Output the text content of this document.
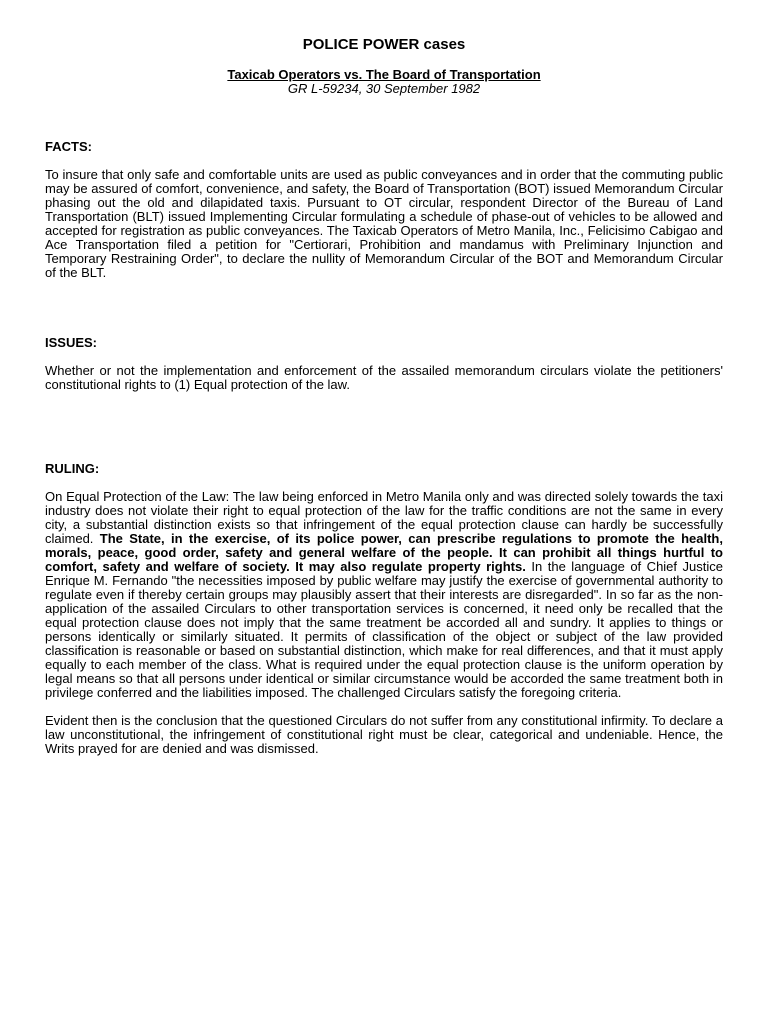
POLICE POWER cases

Taxicab Operators vs. The Board of Transportation

GR L-59234, 30 September 1982

FACTS:

To insure that only safe and comfortable units are used as public conveyances and in order that the commuting public may be assured of comfort, convenience, and safety, the Board of Transportation (BOT) issued Memorandum Circular phasing out the old and dilapidated taxis. Pursuant to OT circular, respondent Director of the Bureau of Land Transportation (BLT) issued Implementing Circular formulating a schedule of phase-out of vehicles to be allowed and accepted for registration as public conveyances. The Taxicab Operators of Metro Manila, Inc., Felicisimo Cabigao and Ace Transportation filed a petition for "Certiorari, Prohibition and mandamus with Preliminary Injunction and Temporary Restraining Order", to declare the nullity of Memorandum Circular of the BOT and Memorandum Circular of the BLT.

ISSUES:

Whether or not the implementation and enforcement of the assailed memorandum circulars violate the petitioners' constitutional rights to (1) Equal protection of the law.

RULING:

On Equal Protection of the Law: The law being enforced in Metro Manila only and was directed solely towards the taxi industry does not violate their right to equal protection of the law for the traffic conditions are not the same in every city, a substantial distinction exists so that infringement of the equal protection clause can hardly be successfully claimed. The State, in the exercise, of its police power, can prescribe regulations to promote the health, morals, peace, good order, safety and general welfare of the people. It can prohibit all things hurtful to comfort, safety and welfare of society. It may also regulate property rights. In the language of Chief Justice Enrique M. Fernando "the necessities imposed by public welfare may justify the exercise of governmental authority to regulate even if thereby certain groups may plausibly assert that their interests are disregarded". In so far as the non-application of the assailed Circulars to other transportation services is concerned, it need only be recalled that the equal protection clause does not imply that the same treatment be accorded all and sundry. It applies to things or persons identically or similarly situated. It permits of classification of the object or subject of the law provided classification is reasonable or based on substantial distinction, which make for real differences, and that it must apply equally to each member of the class. What is required under the equal protection clause is the uniform operation by legal means so that all persons under identical or similar circumstance would be accorded the same treatment both in privilege conferred and the liabilities imposed. The challenged Circulars satisfy the foregoing criteria.

Evident then is the conclusion that the questioned Circulars do not suffer from any constitutional infirmity. To declare a law unconstitutional, the infringement of constitutional right must be clear, categorical and undeniable. Hence, the Writs prayed for are denied and was dismissed.
